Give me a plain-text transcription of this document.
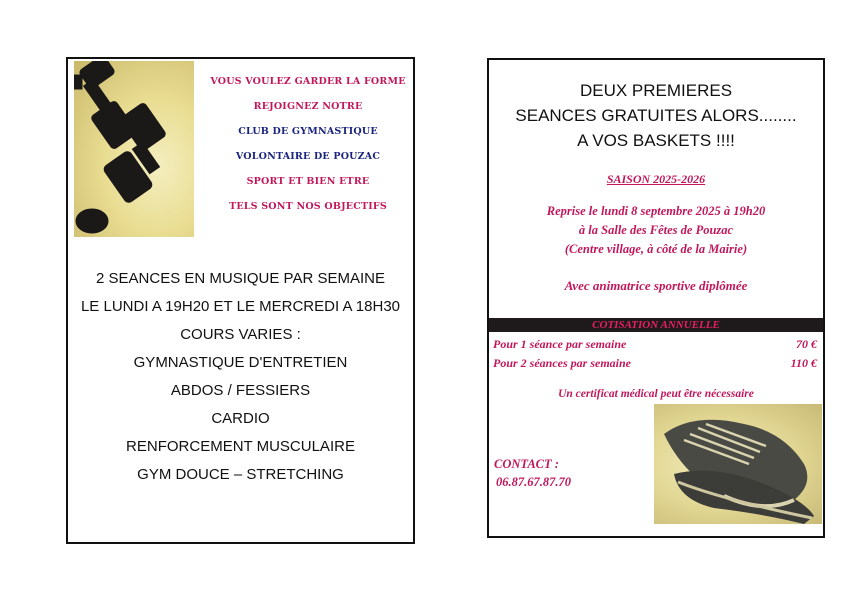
VOUS VOULEZ GARDER LA FORME
REJOIGNEZ NOTRE
CLUB DE GYMNASTIQUE
VOLONTAIRE DE POUZAC
SPORT ET BIEN ETRE
TELS SONT NOS OBJECTIFS
2 SEANCES EN MUSIQUE PAR SEMAINE
LE LUNDI A 19H20 ET LE MERCREDI A 18H30
COURS VARIES :
GYMNASTIQUE D'ENTRETIEN
ABDOS / FESSIERS
CARDIO
RENFORCEMENT MUSCULAIRE
GYM DOUCE – STRETCHING
DEUX PREMIERES
SEANCES GRATUITES ALORS........
A VOS BASKETS !!!!
SAISON 2025-2026
Reprise le lundi 8 septembre 2025 à 19h20
à la Salle des Fêtes de Pouzac
(Centre village, à côté de la Mairie)
Avec animatrice sportive diplômée
COTISATION ANNUELLE
Pour 1 séance par semaine	70 €
Pour 2 séances par semaine	110 €
Un certificat médical peut être nécessaire
CONTACT :
06.87.67.87.70
